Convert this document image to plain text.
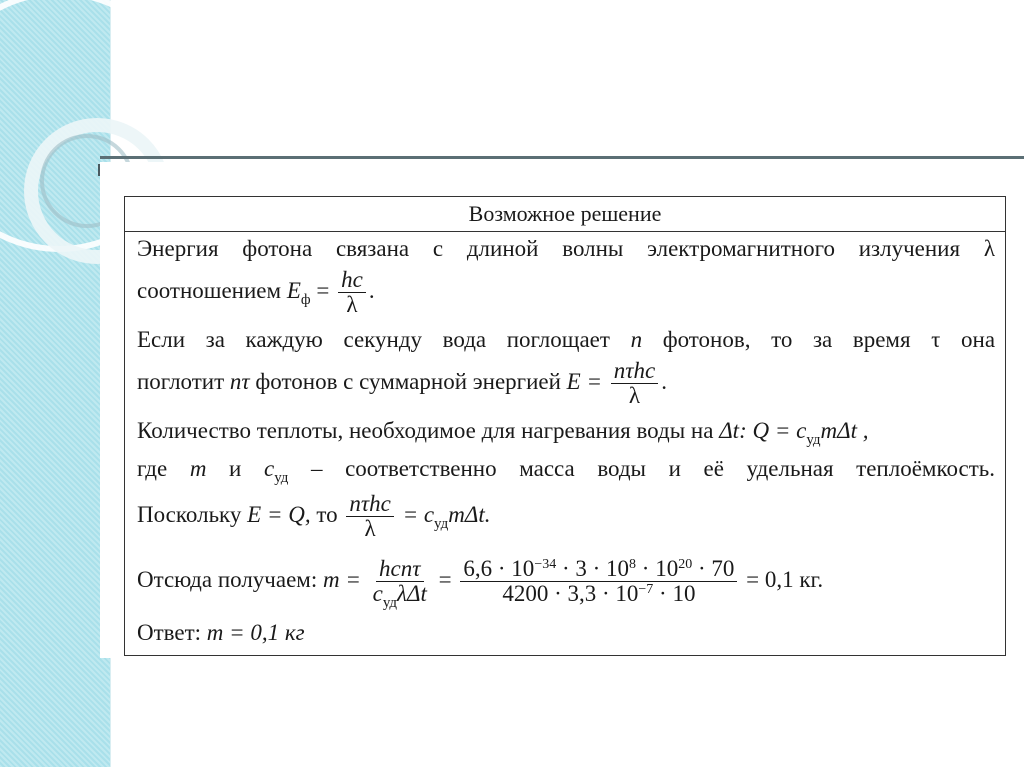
Возможное решение
Энергия фотона связана с длиной волны электромагнитного излучения λ
соотношением $E_ф = \frac{hc}{\lambda}$ .
Если за каждую секунду вода поглощает n фотонов, то за время τ она
поглотит nτ фотонов с суммарной энергией $E = \frac{\text{nτhc}}{\lambda}$ .
Количество теплоты, необходимое для нагревания воды на Δt: $Q = c_{уд}m\Delta t$ ,
где m и $c_{уд}$ – соответственно масса воды и её удельная теплоёмкость.
Поскольку E = Q, то $\frac{\text{nτhc}}{\lambda} = c_{уд}m\Delta t$.
Отсюда получаем: $m = \frac{\text{hcnτ}}{c_{уд}\lambda\Delta t} = \frac{6,6 \cdot 10^{-34} \cdot 3 \cdot 10^8 \cdot 10^{20} \cdot 70}{4200 \cdot 3,3 \cdot 10^{-7} \cdot 10} = 0,1$ кг.
Ответ: m = 0,1 кг
